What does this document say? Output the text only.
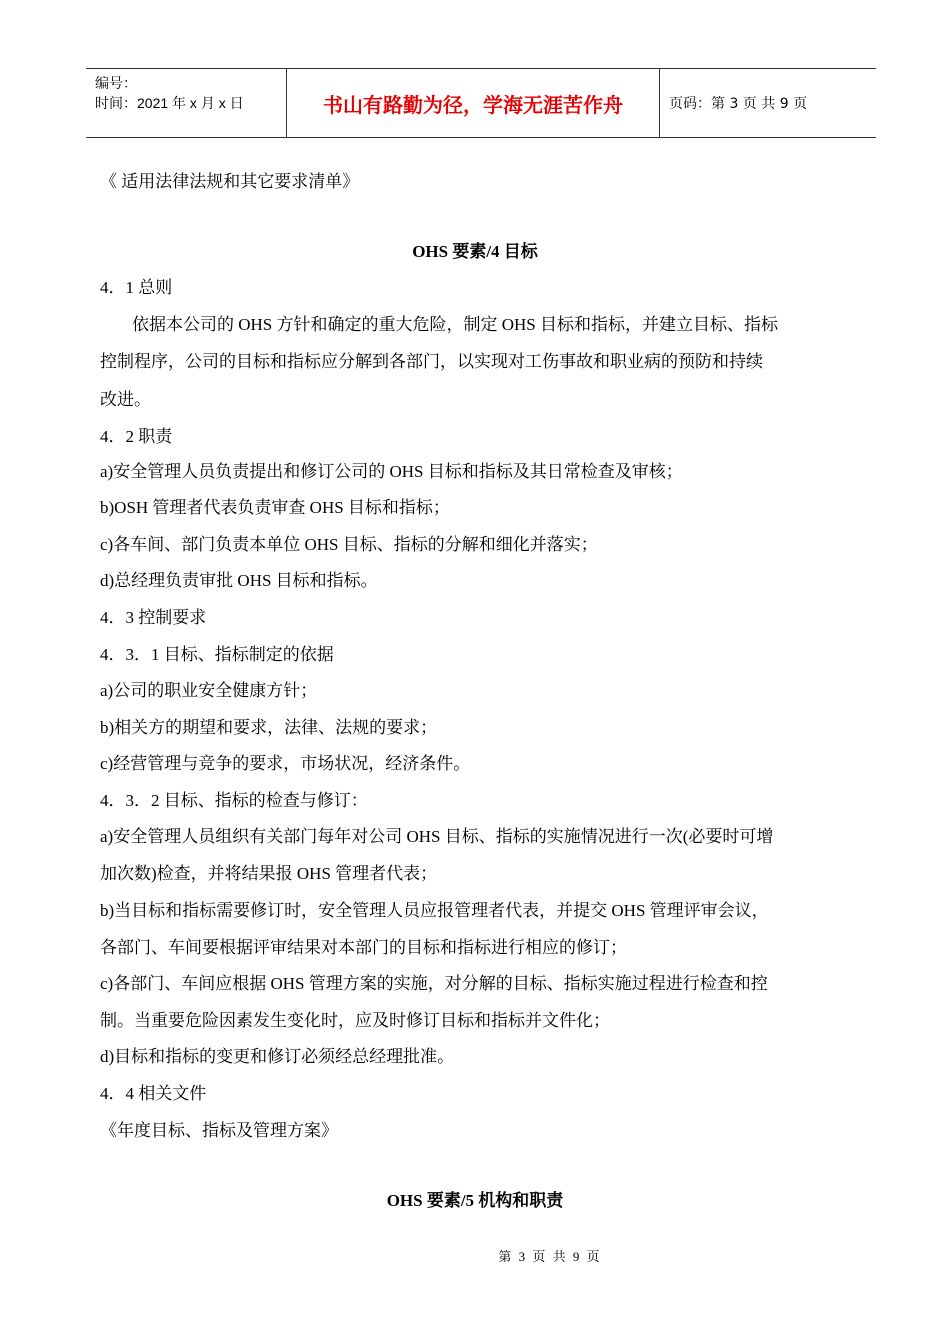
编号：
时间：2021 年 x 月 x 日	书山有路勤为径，学海无涯苦作舟	页码：第 3 页 共 9 页
《 适用法律法规和其它要求清单》
OHS 要素/4 目标
4．1 总则
依据本公司的 OHS 方针和确定的重大危险，制定 OHS 目标和指标，并建立目标、指标
控制程序，公司的目标和指标应分解到各部门，以实现对工伤事故和职业病的预防和持续
改进。
4．2 职责
a)安全管理人员负责提出和修订公司的 OHS 目标和指标及其日常检查及审核；
b)OSH 管理者代表负责审查 OHS 目标和指标；
c)各车间、部门负责本单位 OHS 目标、指标的分解和细化并落实；
d)总经理负责审批 OHS 目标和指标。
4．3 控制要求
4．3．1 目标、指标制定的依据
a)公司的职业安全健康方针；
b)相关方的期望和要求，法律、法规的要求；
c)经营管理与竞争的要求，市场状况，经济条件。
4．3．2 目标、指标的检查与修订：
a)安全管理人员组织有关部门每年对公司 OHS 目标、指标的实施情况进行一次(必要时可增
加次数)检查，并将结果报 OHS 管理者代表；
b)当目标和指标需要修订时，安全管理人员应报管理者代表，并提交 OHS 管理评审会议，
各部门、车间要根据评审结果对本部门的目标和指标进行相应的修订；
c)各部门、车间应根据 OHS 管理方案的实施，对分解的目标、指标实施过程进行检查和控
制。当重要危险因素发生变化时，应及时修订目标和指标并文件化；
d)目标和指标的变更和修订必须经总经理批准。
4．4 相关文件
《年度目标、指标及管理方案》
OHS 要素/5 机构和职责
第 3 页 共 9 页
